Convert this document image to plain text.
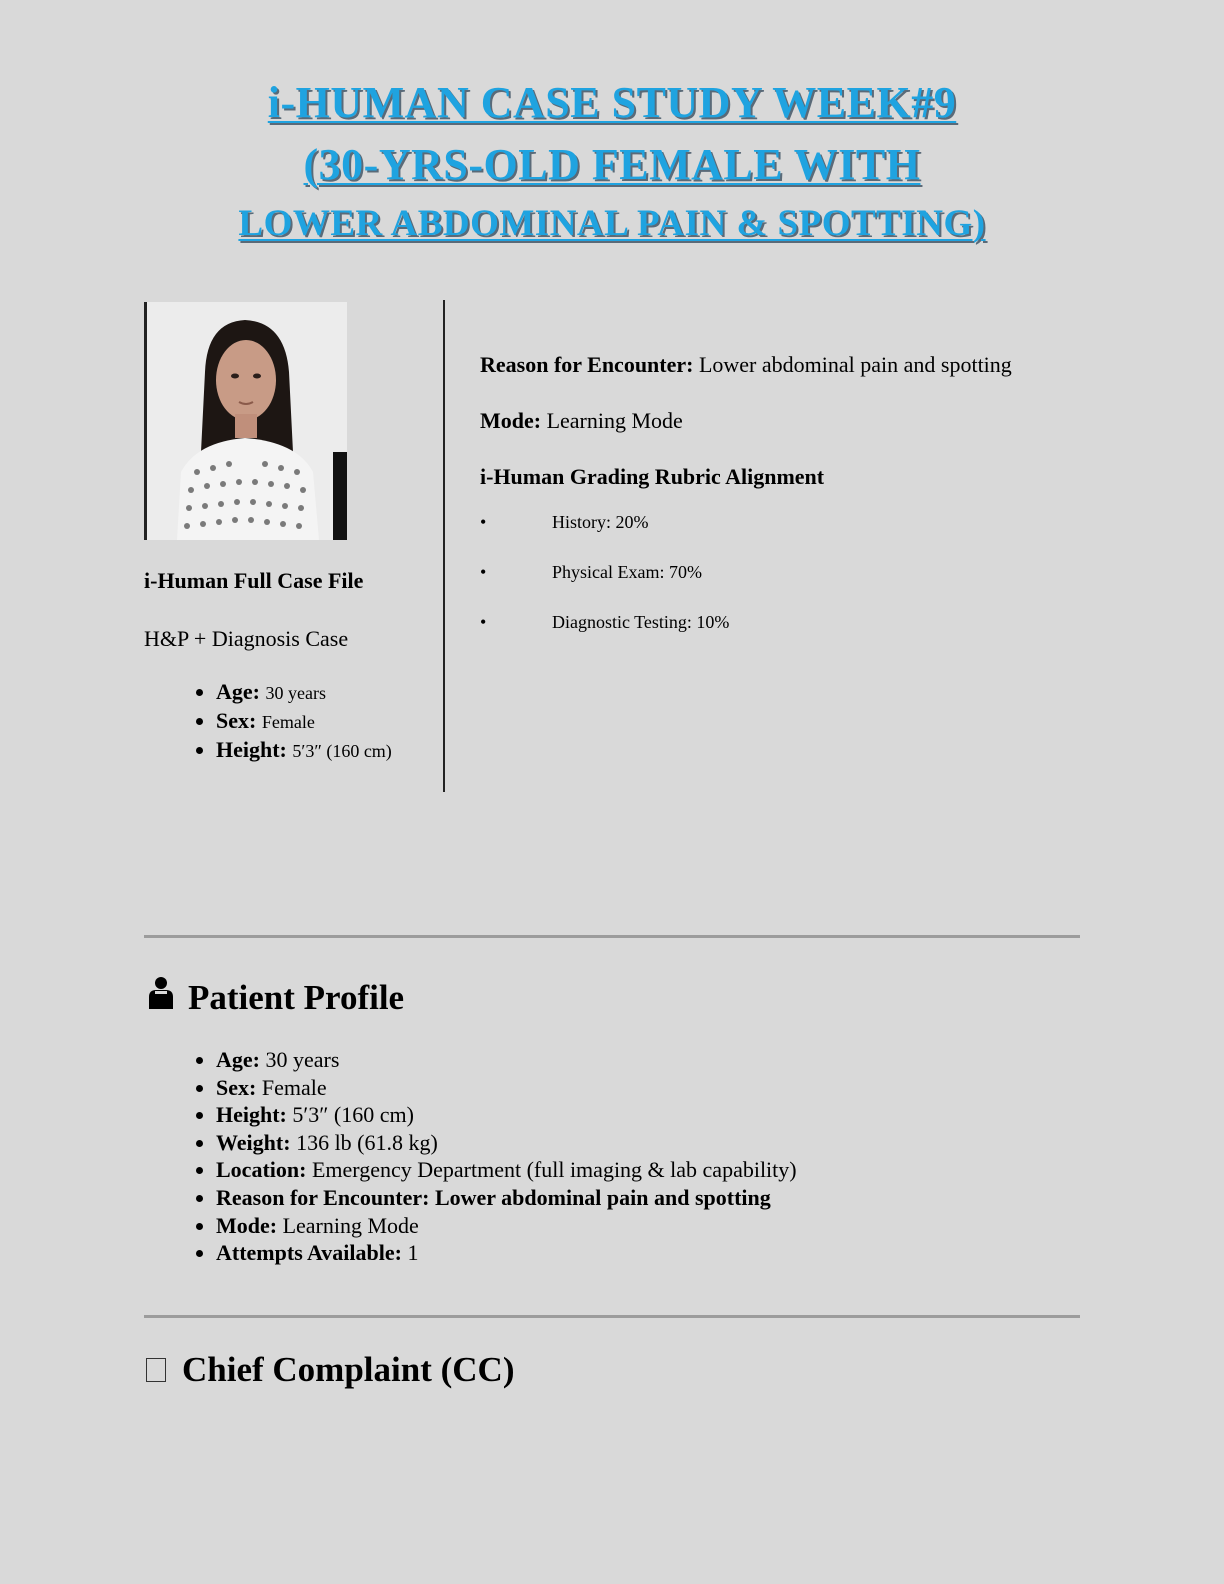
i-HUMAN CASE STUDY WEEK#9
(30-YRS-OLD FEMALE WITH
LOWER ABDOMINAL PAIN & SPOTTING)

i-Human Full Case File

H&P + Diagnosis Case

• Age: 30 years
• Sex: Female
• Height: 5′3″ (160 cm)

Reason for Encounter: Lower abdominal pain and spotting

Mode: Learning Mode

i-Human Grading Rubric Alignment

•	History: 20%
•	Physical Exam: 70%
•	Diagnostic Testing: 10%
Patient Profile
• Age: 30 years
• Sex: Female
• Height: 5′3″ (160 cm)
• Weight: 136 lb (61.8 kg)
• Location: Emergency Department (full imaging & lab capability)
• Reason for Encounter: Lower abdominal pain and spotting
• Mode: Learning Mode
• Attempts Available: 1
Chief Complaint (CC)
